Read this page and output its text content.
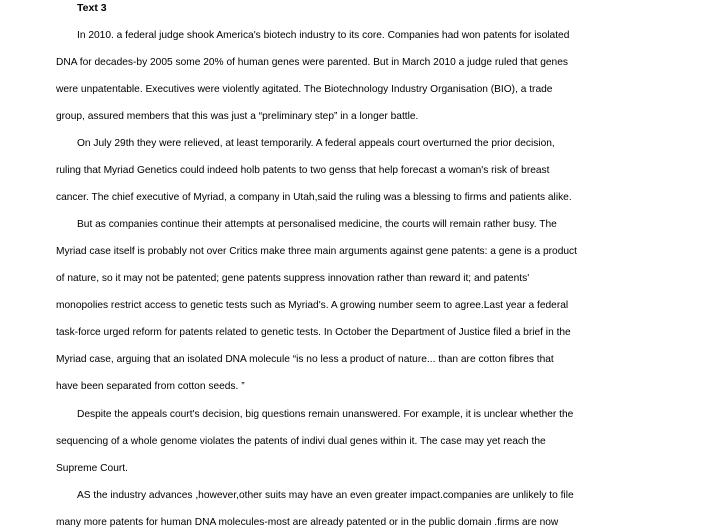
Text 3
In 2010. a federal judge shook America's biotech industry to its core. Companies had won patents for isolated
DNA for decades-by 2005 some 20% of human genes were parented. But in March 2010 a judge ruled that genes
were unpatentable. Executives were violently agitated. The Biotechnology Industry Organisation (BIO), a trade
group, assured members that this was just a “preliminary step” in a longer battle.
On July 29th they were relieved, at least temporarily. A federal appeals court overturned the prior decision,
ruling that Myriad Genetics could indeed holb patents to two genss that help forecast a woman's risk of breast
cancer. The chief executive of Myriad, a company in Utah,said the ruling was a blessing to firms and patients alike.
But as companies continue their attempts at personalised medicine, the courts will remain rather busy. The
Myriad case itself is probably not over Critics make three main arguments against gene patents: a gene is a product
of nature, so it may not be patented; gene patents suppress innovation rather than reward it; and patents'
monopolies restrict access to genetic tests such as Myriad's. A growing number seem to agree.Last year a federal
task-force urged reform for patents related to genetic tests. In October the Department of Justice filed a brief in the
Myriad case, arguing that an isolated DNA molecule “is no less a product of nature... than are cotton fibres that
have been separated from cotton seeds. ”
Despite the appeals court's decision, big questions remain unanswered. For example, it is unclear whether the
sequencing of a whole genome violates the patents of indivi dual genes within it. The case may yet reach the
Supreme Court.
AS the industry advances ,however,other suits may have an even greater impact.companies are unlikely to file
many more patents for human DNA molecules-most are already patented or in the public domain .firms are now
